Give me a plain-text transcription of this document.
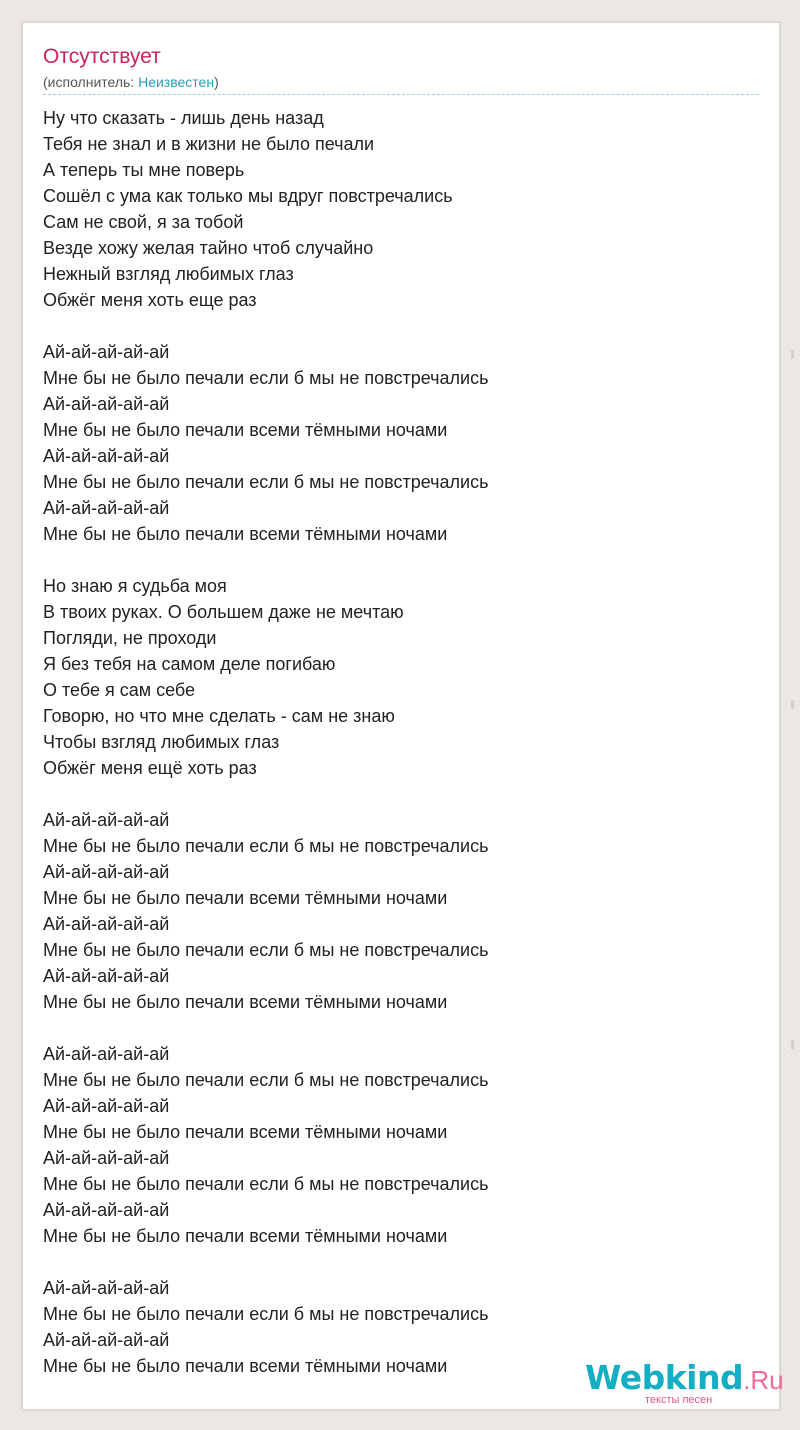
Отсутствует
(исполнитель: Неизвестен)
Ну что сказать - лишь день назад
Тебя не знал и в жизни не было печали
А теперь ты мне поверь
Сошёл с ума как только мы вдруг повстречались
Сам не свой, я за тобой
Везде хожу желая тайно чтоб случайно
Нежный взгляд любимых глаз
Обжёг меня хоть еще раз
Ай-ай-ай-ай-ай
Мне бы не было печали если б мы не повстречались
Ай-ай-ай-ай-ай
Мне бы не было печали всеми тёмными ночами
Ай-ай-ай-ай-ай
Мне бы не было печали если б мы не повстречались
Ай-ай-ай-ай-ай
Мне бы не было печали всеми тёмными ночами
Но знаю я судьба моя
В твоих руках. О большем даже не мечтаю
Погляди, не проходи
Я без тебя на самом деле погибаю
О тебе я сам себе
Говорю, но что мне сделать - сам не знаю
Чтобы взгляд любимых глаз
Обжёг меня ещё хоть раз
Ай-ай-ай-ай-ай
Мне бы не было печали если б мы не повстречались
Ай-ай-ай-ай-ай
Мне бы не было печали всеми тёмными ночами
Ай-ай-ай-ай-ай
Мне бы не было печали если б мы не повстречались
Ай-ай-ай-ай-ай
Мне бы не было печали всеми тёмными ночами
Ай-ай-ай-ай-ай
Мне бы не было печали если б мы не повстречались
Ай-ай-ай-ай-ай
Мне бы не было печали всеми тёмными ночами
Ай-ай-ай-ай-ай
Мне бы не было печали если б мы не повстречались
Ай-ай-ай-ай-ай
Мне бы не было печали всеми тёмными ночами
Ай-ай-ай-ай-ай
Мне бы не было печали если б мы не повстречались
Ай-ай-ай-ай-ай
Мне бы не было печали всеми тёмными ночами	Webkind.Ru
тексты песен
